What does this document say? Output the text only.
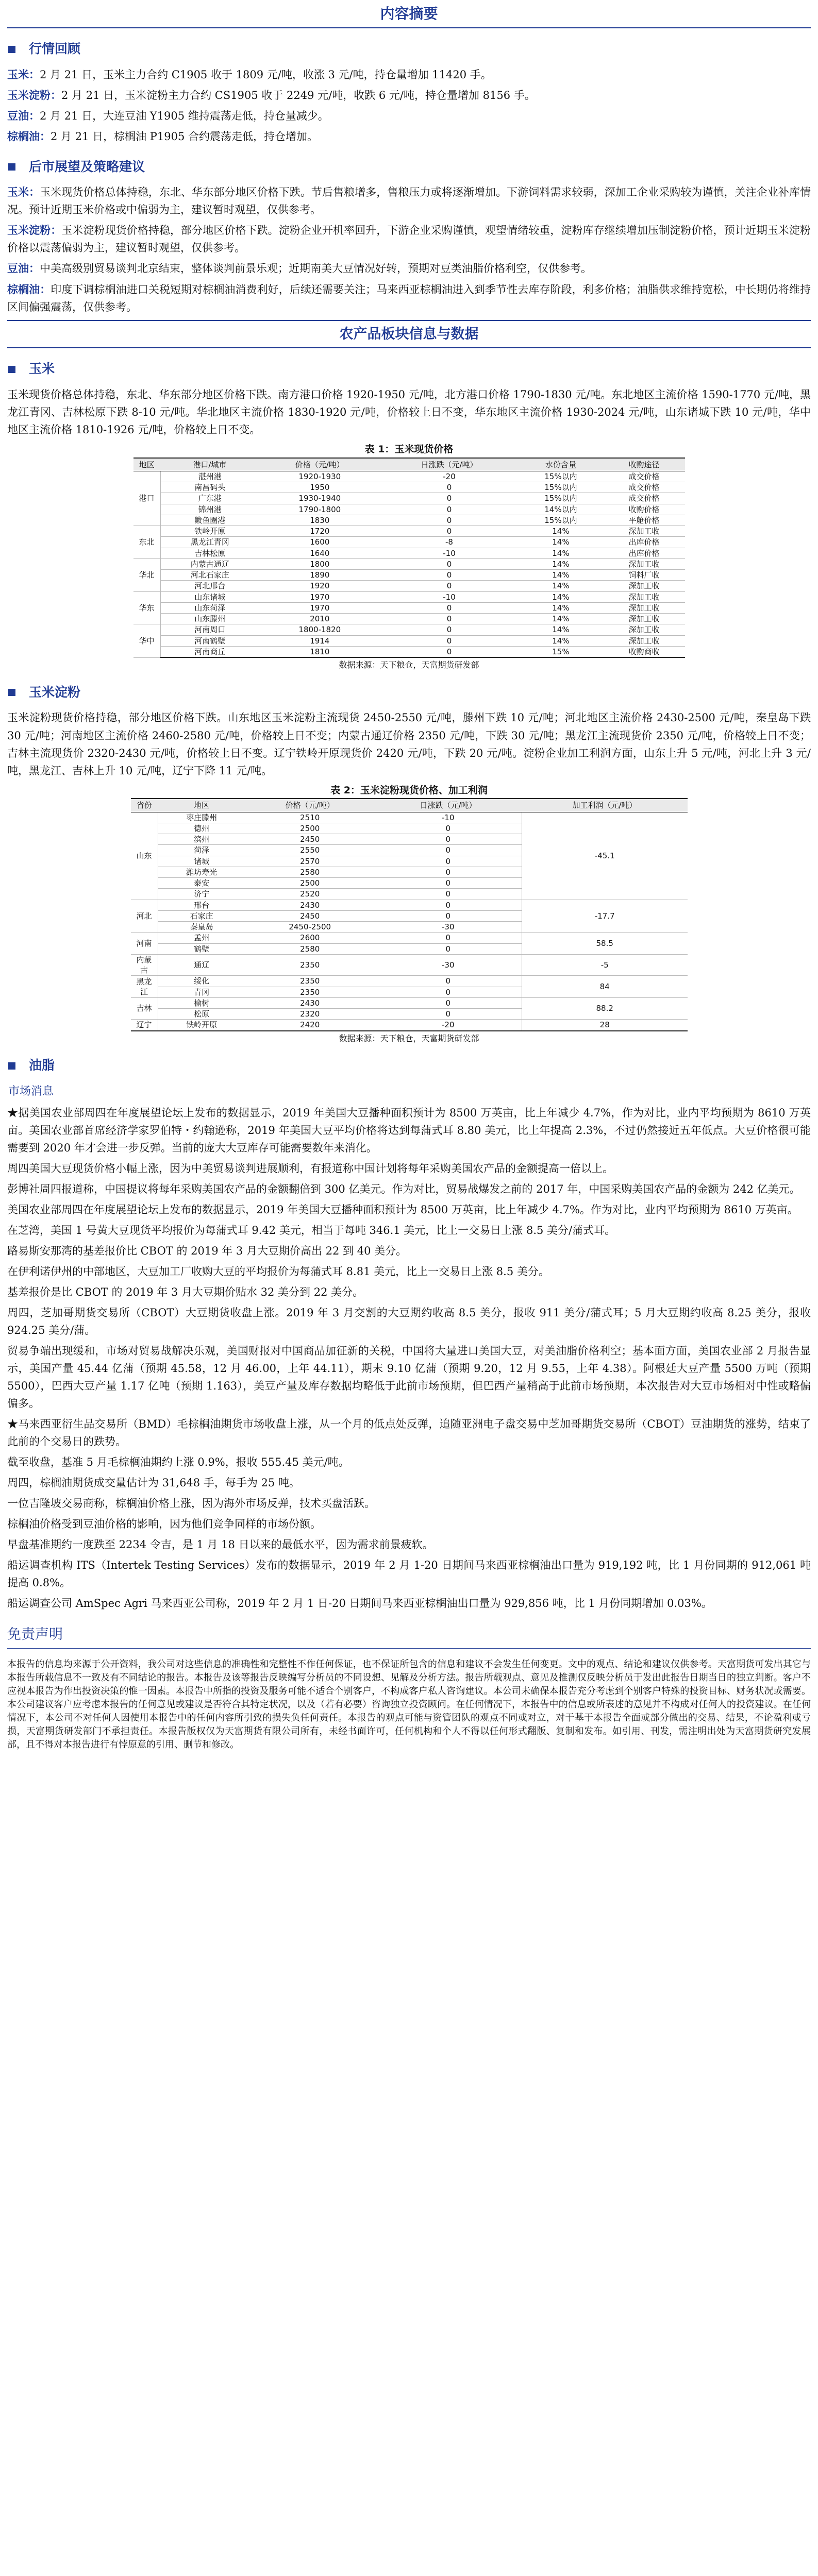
内容摘要
行情回顾

玉米：2 月 21 日，玉米主力合约 C1905 收于 1809 元/吨，收涨 3 元/吨，持仓量增加 11420 手。

玉米淀粉：2 月 21 日，玉米淀粉主力合约 CS1905 收于 2249 元/吨，收跌 6 元/吨，持仓量增加 8156 手。

豆油：2 月 21 日，大连豆油 Y1905 维持震荡走低，持仓量减少。

棕榈油：2 月 21 日，棕榈油 P1905 合约震荡走低，持仓增加。

后市展望及策略建议

玉米：玉米现货价格总体持稳，东北、华东部分地区价格下跌。节后售粮增多，售粮压力或将逐渐增加。下游饲料需求较弱，深加工企业采购较为谨慎，关注企业补库情况。预计近期玉米价格或中偏弱为主，建议暂时观望，仅供参考。

玉米淀粉：玉米淀粉现货价格持稳，部分地区价格下跌。淀粉企业开机率回升，下游企业采购谨慎，观望情绪较重，淀粉库存继续增加压制淀粉价格，预计近期玉米淀粉价格以震荡偏弱为主，建议暂时观望，仅供参考。

豆油：中美高级别贸易谈判北京结束，整体谈判前景乐观；近期南美大豆情况好转，预期对豆类油脂价格利空，仅供参考。

棕榈油：印度下调棕榈油进口关税短期对棕榈油消费利好，后续还需要关注；马来西亚棕榈油进入到季节性去库存阶段，利多价格；油脂供求维持宽松，中长期仍将维持区间偏强震荡，仅供参考。

农产品板块信息与数据
玉米

玉米现货价格总体持稳，东北、华东部分地区价格下跌。南方港口价格 1920-1950 元/吨，北方港口价格 1790-1830 元/吨。东北地区主流价格 1590-1770 元/吨，黑龙江青冈、吉林松原下跌 8-10 元/吨。华北地区主流价格 1830-1920 元/吨，价格较上日不变，华东地区主流价格 1930-2024 元/吨，山东诸城下跌 10 元/吨，华中地区主流价格 1810-1926 元/吨，价格较上日不变。

表 1：玉米现货价格
地区	港口/城市	价格（元/吨）	日涨跌（元/吨）	水份含量	收购途径
港口	湛州港	1920-1930	-20	15%以内	成交价格
	南昌码头	1950	0	15%以内	成交价格
	广东港	1930-1940	0	15%以内	成交价格
	锦州港	1790-1800	0	14%以内	收购价格
	鲅鱼圈港	1830	0	15%以内	平舱价格
东北	铁岭开原	1720	0	14%	深加工收
	黑龙江青冈	1600	-8	14%	出库价格
	吉林松原	1640	-10	14%	出库价格
华北	内蒙古通辽	1800	0	14%	深加工收
	河北石家庄	1890	0	14%	饲料厂收
	河北邢台	1920	0	14%	深加工收
华东	山东诸城	1970	-10	14%	深加工收
	山东菏泽	1970	0	14%	深加工收
	山东滕州	2010	0	14%	深加工收
华中	河南周口	1800-1820	0	14%	深加工收
	河南鹤壁	1914	0	14%	深加工收
	河南商丘	1810	0	15%	收购商收
数据来源：天下粮仓，天富期货研发部
玉米淀粉

玉米淀粉现货价格持稳，部分地区价格下跌。山东地区玉米淀粉主流现货 2450-2550 元/吨，滕州下跌 10 元/吨；河北地区主流价格 2430-2500 元/吨，秦皇岛下跌 30 元/吨；河南地区主流价格 2460-2580 元/吨，价格较上日不变；内蒙古通辽价格 2350 元/吨，下跌 30 元/吨；黑龙江主流现货价 2350 元/吨，价格较上日不变；吉林主流现货价 2320-2430 元/吨，价格较上日不变。辽宁铁岭开原现货价 2420 元/吨，下跌 20 元/吨。淀粉企业加工利润方面，山东上升 5 元/吨，河北上升 3 元/吨，黑龙江、吉林上升 10 元/吨，辽宁下降 11 元/吨。

表 2：玉米淀粉现货价格、加工利润
省份	地区	价格（元/吨）	日涨跌（元/吨）	加工利润（元/吨）
山东	枣庄滕州	2510	-10	-45.1
	德州	2500	0	
	滨州	2450	0	
	菏泽	2550	0	
	诸城	2570	0	
	潍坊寿光	2580	0	
	泰安	2500	0	
	济宁	2520	0	
河北	邢台	2430	0	-17.7
	石家庄	2450	0	
	秦皇岛	2450-2500	-30	
河南	孟州	2600	0	58.5
	鹤壁	2580	0	
内蒙古	通辽	2350	-30	-5
黑龙江	绥化	2350	0	84
	青冈	2350	0	
吉林	榆树	2430	0	88.2
	松原	2320	0	
辽宁	铁岭开原	2420	-20	28
数据来源：天下粮仓，天富期货研发部
油脂
市场消息

★据美国农业部周四在年度展望论坛上发布的数据显示，2019 年美国大豆播种面积预计为 8500 万英亩，比上年减少 4.7%，作为对比，业内平均预期为 8610 万英亩。美国农业部首席经济学家罗伯特・约翰逊称，2019 年美国大豆平均价格将达到每蒲式耳 8.80 美元，比上年提高 2.3%，不过仍然接近五年低点。大豆价格很可能需要到 2020 年才会进一步反弹。当前的庞大大豆库存可能需要数年来消化。

周四美国大豆现货价格小幅上涨，因为中美贸易谈判进展顺利，有报道称中国计划将每年采购美国农产品的金额提高一倍以上。

彭博社周四报道称，中国提议将每年采购美国农产品的金额翻倍到 300 亿美元。作为对比，贸易战爆发之前的 2017 年，中国采购美国农产品的金额为 242 亿美元。

美国农业部周四在年度展望论坛上发布的数据显示，2019 年美国大豆播种面积预计为 8500 万英亩，比上年减少 4.7%。作为对比，业内平均预期为 8610 万英亩。

在芝湾，美国 1 号黄大豆现货平均报价为每蒲式耳 9.42 美元，相当于每吨 346.1 美元，比上一交易日上涨 8.5 美分/蒲式耳。

路易斯安那湾的基差报价比 CBOT 的 2019 年 3 月大豆期价高出 22 到 40 美分。

在伊利诺伊州的中部地区，大豆加工厂收购大豆的平均报价为每蒲式耳 8.81 美元，比上一交易日上涨 8.5 美分。

基差报价是比 CBOT 的 2019 年 3 月大豆期价贴水 32 美分到 22 美分。

周四，芝加哥期货交易所（CBOT）大豆期货收盘上涨。2019 年 3 月交割的大豆期约收高 8.5 美分，报收 911 美分/蒲式耳；5 月大豆期约收高 8.25 美分，报收 924.25 美分/蒲。

贸易争端出现缓和，市场对贸易战解决乐观，美国财报对中国商品加征新的关税，中国将大量进口美国大豆，对美油脂价格利空；基本面方面，美国农业部 2 月报告显示，美国产量 45.44 亿蒲（预期 45.58，12 月 46.00，上年 44.11），期末 9.10 亿蒲（预期 9.20，12 月 9.55，上年 4.38）。阿根廷大豆产量 5500 万吨（预期 5500），巴西大豆产量 1.17 亿吨（预期 1.163），美豆产量及库存数据均略低于此前市场预期，但巴西产量稍高于此前市场预期，本次报告对大豆市场相对中性或略偏偏多。

★马来西亚衍生品交易所（BMD）毛棕榈油期货市场收盘上涨，从一个月的低点处反弹，追随亚洲电子盘交易中芝加哥期货交易所（CBOT）豆油期货的涨势，结束了此前的个交易日的跌势。

截至收盘，基准 5 月毛棕榈油期约上涨 0.9%，报收 555.45 美元/吨。

周四，棕榈油期货成交量估计为 31,648 手，每手为 25 吨。

一位吉隆坡交易商称，棕榈油价格上涨，因为海外市场反弹，技术买盘活跃。

棕榈油价格受到豆油价格的影响，因为他们竞争同样的市场份额。

早盘基准期约一度跌至 2234 令吉，是 1 月 18 日以来的最低水平，因为需求前景疲软。

船运调查机构 ITS（Intertek Testing Services）发布的数据显示，2019 年 2 月 1-20 日期间马来西亚棕榈油出口量为 919,192 吨，比 1 月份同期的 912,061 吨提高 0.8%。

船运调查公司 AmSpec Agri 马来西亚公司称，2019 年 2 月 1 日-20 日期间马来西亚棕榈油出口量为 929,856 吨，比 1 月份同期增加 0.03%。

免责声明

本报告的信息均来源于公开资料，我公司对这些信息的准确性和完整性不作任何保证，也不保证所包含的信息和建议不会发生任何变更。文中的观点、结论和建议仅供参考。天富期货可发出其它与本报告所载信息不一致及有不同结论的报告。本报告及该等报告反映编写分析员的不同设想、见解及分析方法。报告所载观点、意见及推测仅反映分析员于发出此报告日期当日的独立判断。客户不应视本报告为作出投资决策的惟一因素。本报告中所指的投资及服务可能不适合个别客户，不构成客户私人咨询建议。本公司未确保本报告充分考虑到个别客户特殊的投资目标、财务状况或需要。本公司建议客户应考虑本报告的任何意见或建议是否符合其特定状况，以及（若有必要）咨询独立投资顾问。在任何情况下，本报告中的信息或所表述的意见并不构成对任何人的投资建议。在任何情况下，本公司不对任何人因使用本报告中的任何内容所引致的损失负任何责任。本报告的观点可能与资管团队的观点不同或对立，对于基于本报告全面或部分做出的交易、结果，不论盈利或亏损，天富期货研发部门不承担责任。本报告版权仅为天富期货有限公司所有，未经书面许可，任何机构和个人不得以任何形式翻版、复制和发布。如引用、刊发，需注明出处为天富期货研究发展部，且不得对本报告进行有悖原意的引用、删节和修改。
